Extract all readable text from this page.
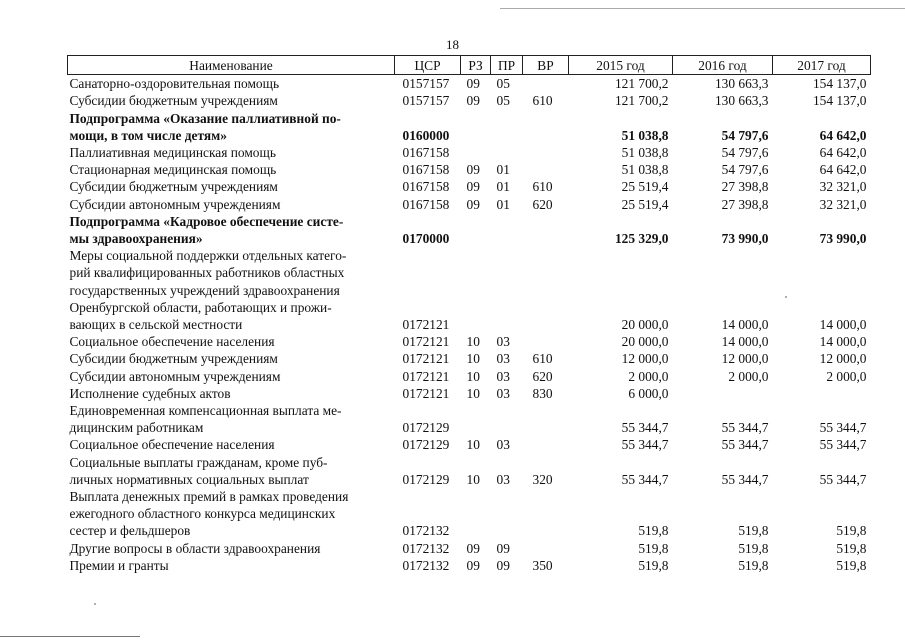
18
Наименование	ЦСР	РЗ	ПР	ВР	2015 год	2016 год	2017 год
Санаторно-оздоровительная помощь	0157157	09	05		121 700,2	130 663,3	154 137,0
Субсидии бюджетным учреждениям	0157157	09	05	610	121 700,2	130 663,3	154 137,0
Подпрограмма «Оказание паллиативной по-
мощи, в том числе детям»	0160000				51 038,8	54 797,6	64 642,0
Паллиативная медицинская помощь	0167158				51 038,8	54 797,6	64 642,0
Стационарная медицинская помощь	0167158	09	01		51 038,8	54 797,6	64 642,0
Субсидии бюджетным учреждениям	0167158	09	01	610	25 519,4	27 398,8	32 321,0
Субсидии автономным учреждениям	0167158	09	01	620	25 519,4	27 398,8	32 321,0
Подпрограмма «Кадровое обеспечение систе-
мы здравоохранения»	0170000				125 329,0	73 990,0	73 990,0
Меры социальной поддержки отдельных катего-
рий квалифицированных работников областных
государственных учреждений здравоохранения
Оренбургской области, работающих и прожи-
вающих в сельской местности	0172121				20 000,0	14 000,0	14 000,0
Социальное обеспечение населения	0172121	10	03		20 000,0	14 000,0	14 000,0
Субсидии бюджетным учреждениям	0172121	10	03	610	12 000,0	12 000,0	12 000,0
Субсидии автономным учреждениям	0172121	10	03	620	2 000,0	2 000,0	2 000,0
Исполнение судебных актов	0172121	10	03	830	6 000,0		
Единовременная компенсационная выплата ме-
дицинским работникам	0172129				55 344,7	55 344,7	55 344,7
Социальное обеспечение населения	0172129	10	03		55 344,7	55 344,7	55 344,7
Социальные выплаты гражданам, кроме пуб-
личных нормативных социальных выплат	0172129	10	03	320	55 344,7	55 344,7	55 344,7
Выплата денежных премий в рамках проведения
ежегодного областного конкурса медицинских
сестер и фельдшеров	0172132				519,8	519,8	519,8
Другие вопросы в области здравоохранения	0172132	09	09		519,8	519,8	519,8
Премии и гранты	0172132	09	09	350	519,8	519,8	519,8
